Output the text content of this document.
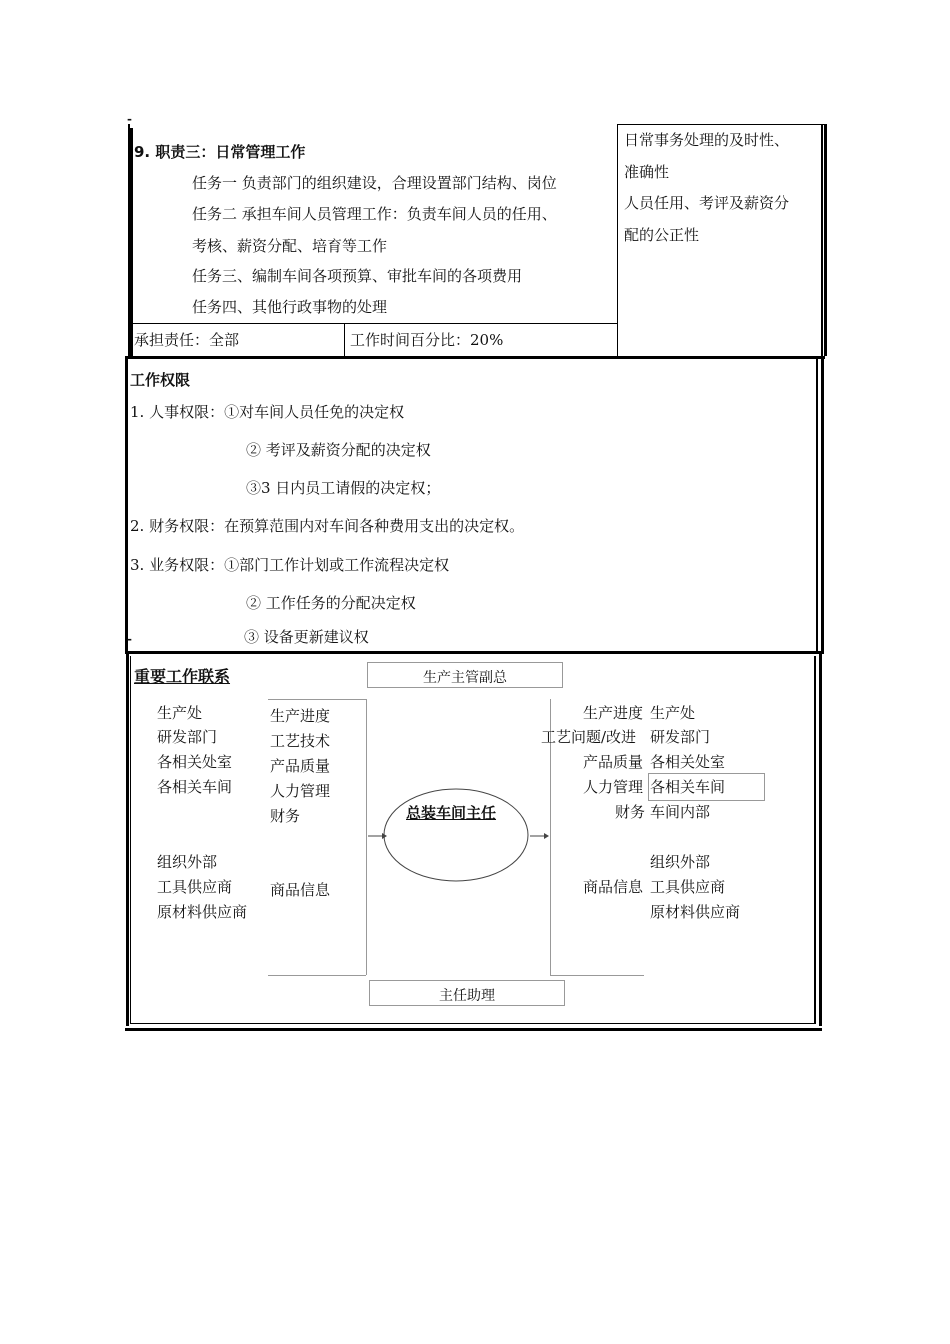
-
9. 职责三：日常管理工作
任务一 负责部门的组织建设，合理设置部门结构、岗位
任务二 承担车间人员管理工作：负责车间人员的任用、
考核、薪资分配、培育等工作
任务三、编制车间各项预算、审批车间的各项费用
任务四、其他行政事物的处理
承担责任：全部	工作时间百分比：20%
日常事务处理的及时性、
准确性
人员任用、考评及薪资分
配的公正性
工作权限
1. 人事权限：①对车间人员任免的决定权
② 考评及薪资分配的决定权
③3 日内员工请假的决定权；
2. 财务权限：在预算范围内对车间各种费用支出的决定权。
3. 业务权限：①部门工作计划或工作流程决定权
② 工作任务的分配决定权
③ 设备更新建议权
-
重要工作联系	生产主管副总
主任助理
生产处
研发部门
各相关处室
各相关车间
组织外部
工具供应商
原材料供应商
生产进度
工艺技术
产品质量
人力管理
财务
商品信息
总装车间主任
生产进度
工艺问题/改进
产品质量
人力管理
财务
商品信息
生产处
研发部门
各相关处室
各相关车间
车间内部
组织外部
工具供应商
原材料供应商
